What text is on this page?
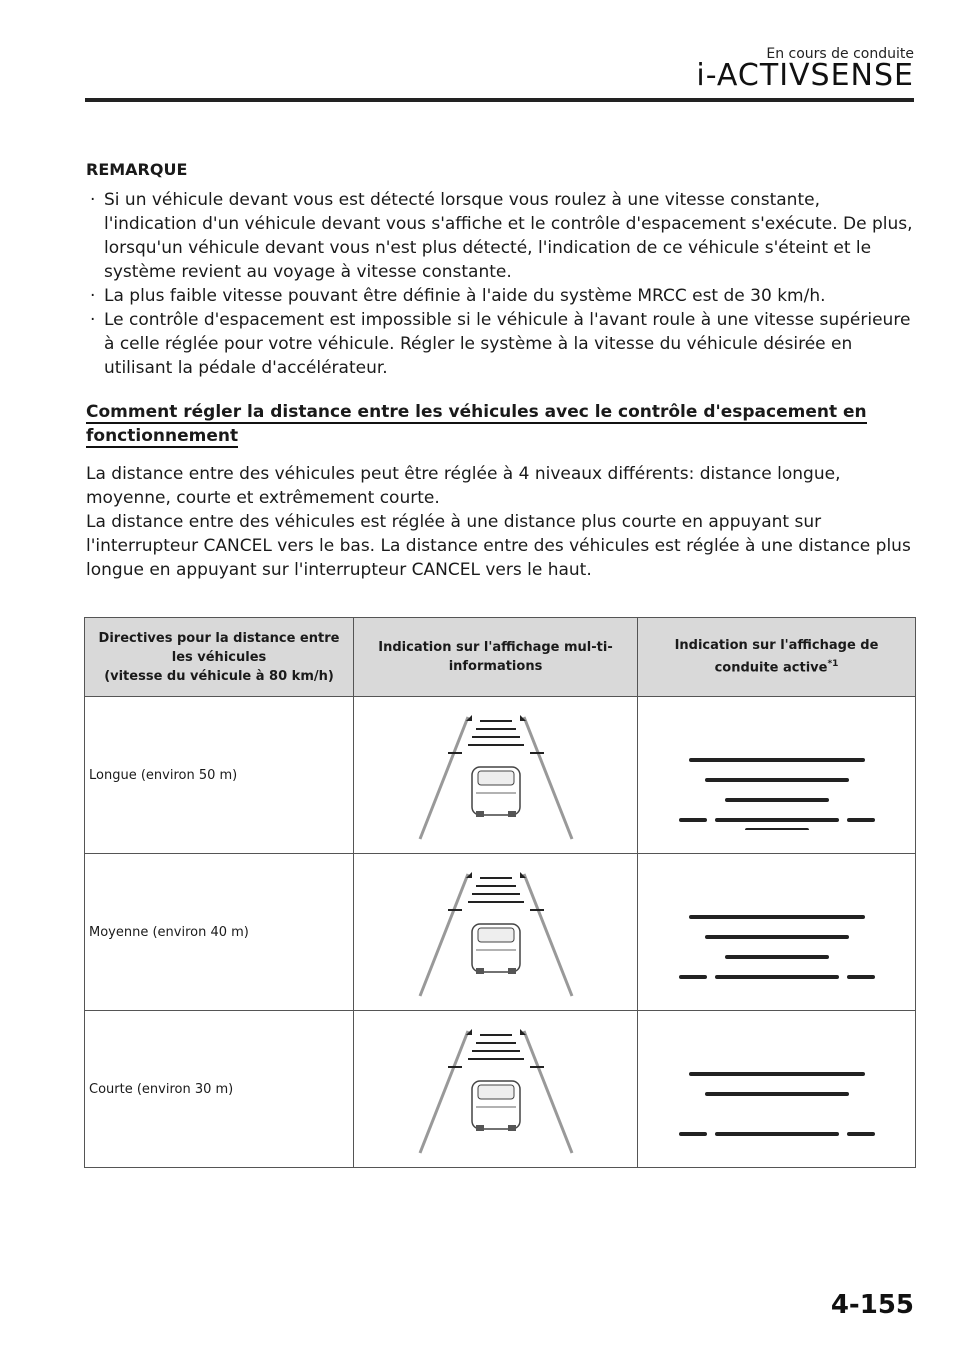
En cours de conduite
i-ACTIVSENSE
REMARQUE
· Si un véhicule devant vous est détecté lorsque vous roulez à une vitesse constante, l'indication d'un véhicule devant vous s'affiche et le contrôle d'espacement s'exécute. De plus, lorsqu'un véhicule devant vous n'est plus détecté, l'indication de ce véhicule s'éteint et le système revient au voyage à vitesse constante.
· La plus faible vitesse pouvant être définie à l'aide du système MRCC est de 30 km/h.
· Le contrôle d'espacement est impossible si le véhicule à l'avant roule à une vitesse supérieure à celle réglée pour votre véhicule. Régler le système à la vitesse du véhicule désirée en utilisant la pédale d'accélérateur.
Comment régler la distance entre les véhicules avec le contrôle d'espacement en fonctionnement

La distance entre des véhicules peut être réglée à 4 niveaux différents: distance longue, moyenne, courte et extrêmement courte.

La distance entre des véhicules est réglée à une distance plus courte en appuyant sur l'interrupteur CANCEL vers le bas. La distance entre des véhicules est réglée à une distance plus longue en appuyant sur l'interrupteur CANCEL vers le haut.

Directives pour la distance entre les véhicules
(vitesse du véhicule à 80 km/h)	Indication sur l'affichage mul-ti-informations	Indication sur l'affichage de conduite active$^{*1}$
Longue (environ 50 m)	

Moyenne (environ 40 m)	

Courte (environ 30 m)	

4-155
